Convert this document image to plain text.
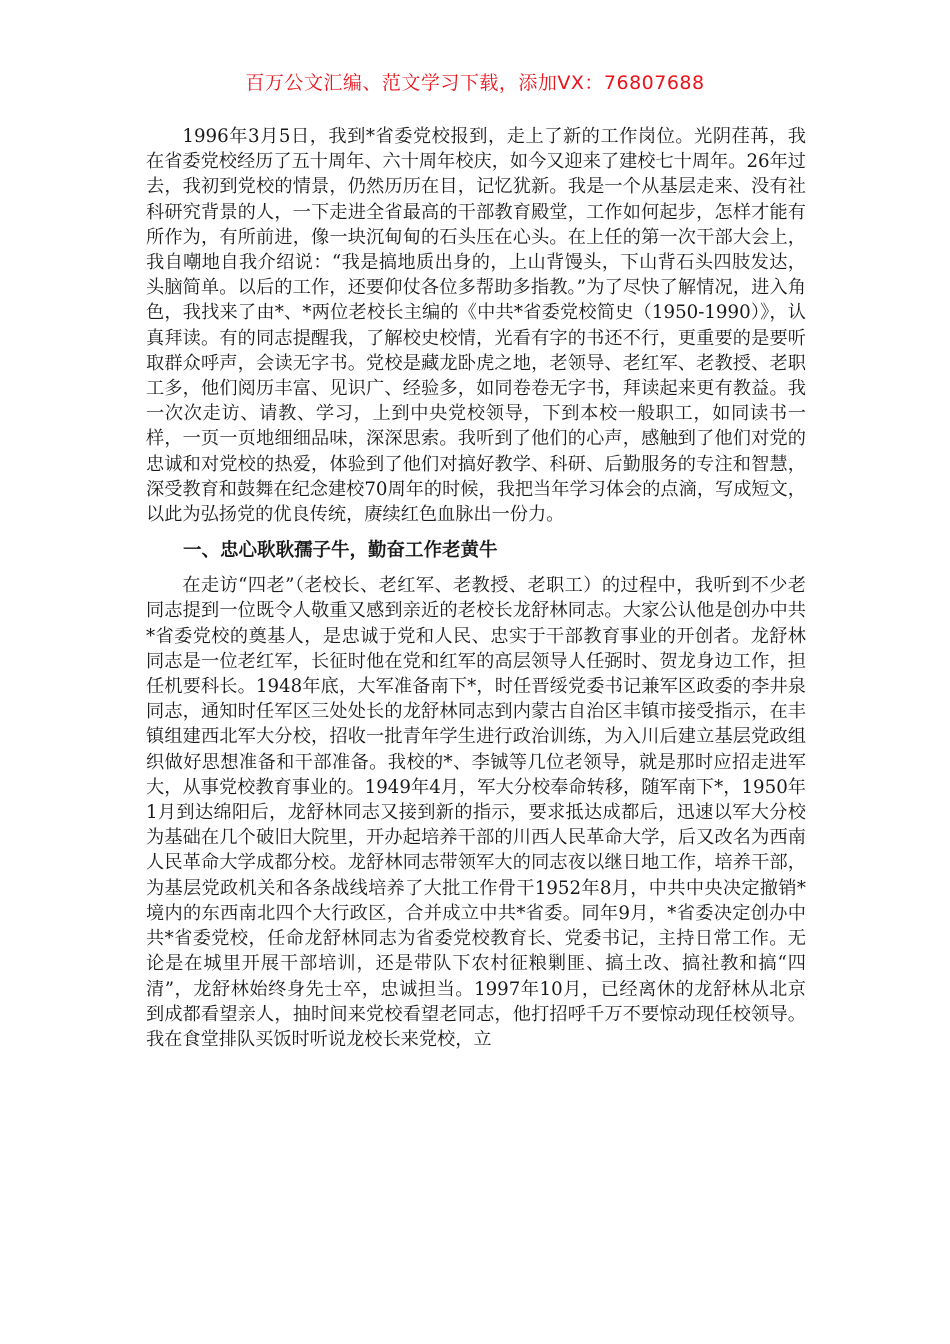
百万公文汇编、范文学习下载，添加VX：76807688

1996年3月5日，我到*省委党校报到，走上了新的工作岗位。光阴荏苒，我在省委党校经历了五十周年、六十周年校庆，如今又迎来了建校七十周年。26年过去，我初到党校的情景，仍然历历在目，记忆犹新。我是一个从基层走来、没有社科研究背景的人，一下走进全省最高的干部教育殿堂，工作如何起步，怎样才能有所作为，有所前进，像一块沉甸甸的石头压在心头。在上任的第一次干部大会上，我自嘲地自我介绍说：“我是搞地质出身的，上山背馒头，下山背石头四肢发达，头脑简单。以后的工作，还要仰仗各位多帮助多指教。”为了尽快了解情况，进入角色，我找来了由*、*两位老校长主编的《中共*省委党校简史（1950-1990）》，认真拜读。有的同志提醒我，了解校史校情，光看有字的书还不行，更重要的是要听取群众呼声，会读无字书。党校是藏龙卧虎之地，老领导、老红军、老教授、老职工多，他们阅历丰富、见识广、经验多，如同卷卷无字书，拜读起来更有教益。我一次次走访、请教、学习，上到中央党校领导，下到本校一般职工，如同读书一样，一页一页地细细品味，深深思索。我听到了他们的心声，感触到了他们对党的忠诚和对党校的热爱，体验到了他们对搞好教学、科研、后勤服务的专注和智慧，深受教育和鼓舞在纪念建校70周年的时候，我把当年学习体会的点滴，写成短文，以此为弘扬党的优良传统，赓续红色血脉出一份力。

一、忠心耿耿孺子牛，勤奋工作老黄牛

在走访“四老”（老校长、老红军、老教授、老职工）的过程中，我听到不少老同志提到一位既令人敬重又感到亲近的老校长龙舒林同志。大家公认他是创办中共*省委党校的奠基人，是忠诚于党和人民、忠实于干部教育事业的开创者。龙舒林同志是一位老红军，长征时他在党和红军的高层领导人任弼时、贺龙身边工作，担任机要科长。1948年底，大军准备南下*，时任晋绥党委书记兼军区政委的李井泉同志，通知时任军区三处处长的龙舒林同志到内蒙古自治区丰镇市接受指示，在丰镇组建西北军大分校，招收一批青年学生进行政治训练，为入川后建立基层党政组织做好思想准备和干部准备。我校的*、李铖等几位老领导，就是那时应招走进军大，从事党校教育事业的。1949年4月，军大分校奉命转移，随军南下*，1950年1月到达绵阳后，龙舒林同志又接到新的指示，要求抵达成都后，迅速以军大分校为基础在几个破旧大院里，开办起培养干部的川西人民革命大学，后又改名为西南人民革命大学成都分校。龙舒林同志带领军大的同志夜以继日地工作，培养干部，为基层党政机关和各条战线培养了大批工作骨干1952年8月，中共中央决定撤销*境内的东西南北四个大行政区，合并成立中共*省委。同年9月，*省委决定创办中共*省委党校，任命龙舒林同志为省委党校教育长、党委书记，主持日常工作。无论是在城里开展干部培训，还是带队下农村征粮剿匪、搞土改、搞社教和搞“四清”，龙舒林始终身先士卒，忠诚担当。1997年10月，已经离休的龙舒林从北京到成都看望亲人，抽时间来党校看望老同志，他打招呼千万不要惊动现任校领导。我在食堂排队买饭时听说龙校长来党校，立
